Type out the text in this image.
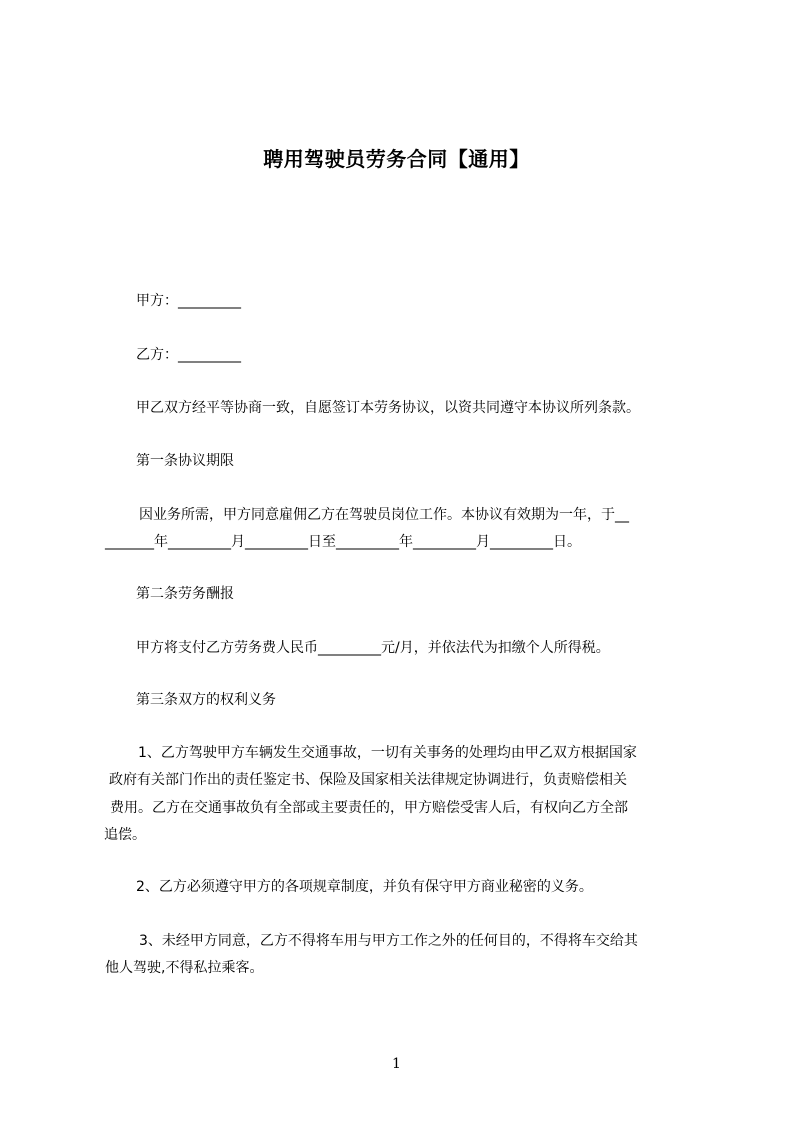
聘用驾驶员劳务合同【通用】
甲方：_________
乙方：_________
甲乙双方经平等协商一致，自愿签订本劳务协议，以资共同遵守本协议所列条款。
第一条协议期限
因业务所需，甲方同意雇佣乙方在驾驶员岗位工作。本协议有效期为一年，于__
_______年_________月_________日至_________年_________月_________日。
第二条劳务酬报
甲方将支付乙方劳务费人民币_________元/月，并依法代为扣缴个人所得税。
第三条双方的权利义务
1、乙方驾驶甲方车辆发生交通事故，一切有关事务的处理均由甲乙双方根据国家
政府有关部门作出的责任鉴定书、保险及国家相关法律规定协调进行，负责赔偿相关
费用。乙方在交通事故负有全部或主要责任的，甲方赔偿受害人后，有权向乙方全部
追偿。
2、乙方必须遵守甲方的各项规章制度，并负有保守甲方商业秘密的义务。
3、未经甲方同意，乙方不得将车用与甲方工作之外的任何目的，不得将车交给其
他人驾驶,不得私拉乘客。
1
